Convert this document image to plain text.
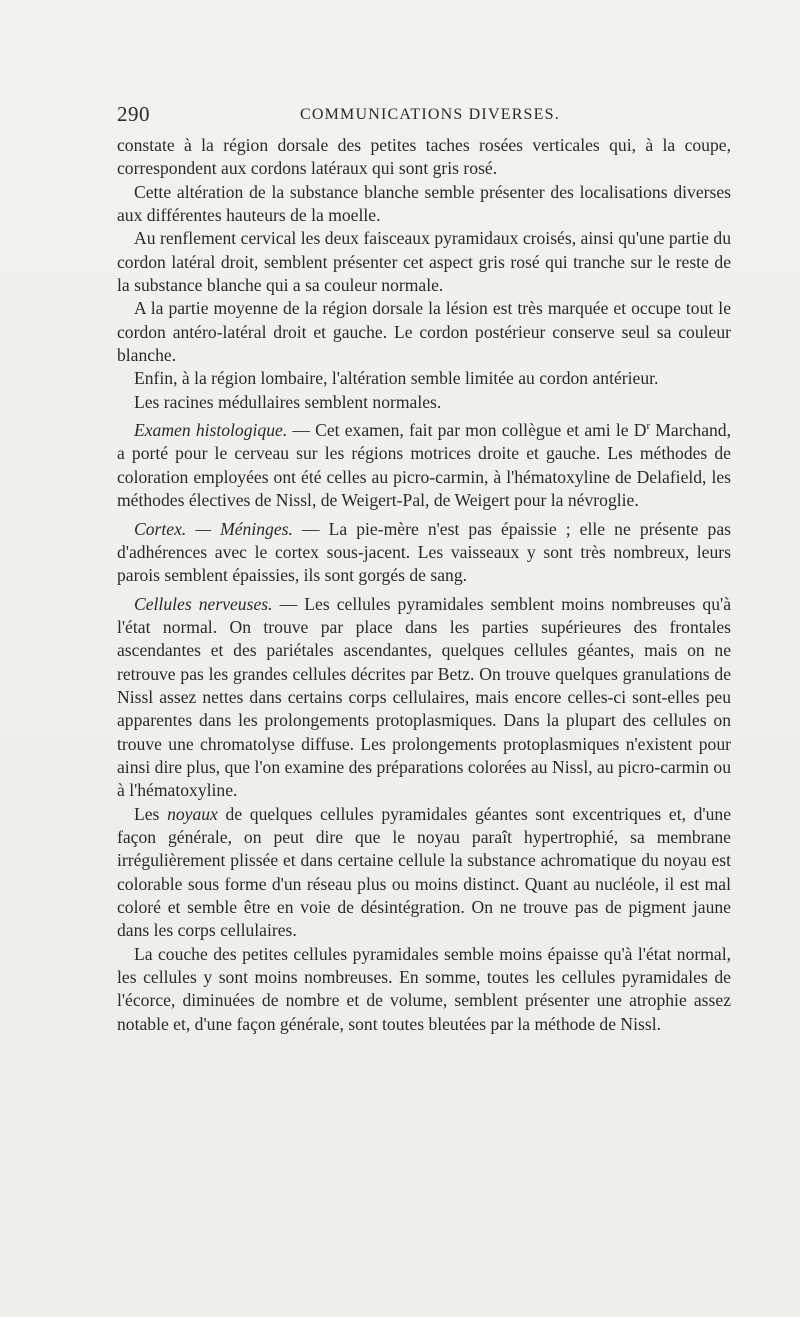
290	COMMUNICATIONS DIVERSES.

constate à la région dorsale des petites taches rosées verticales qui, à la coupe, correspondent aux cordons latéraux qui sont gris rosé.

Cette altération de la substance blanche semble présenter des localisations diverses aux différentes hauteurs de la moelle.

Au renflement cervical les deux faisceaux pyramidaux croisés, ainsi qu'une partie du cordon latéral droit, semblent présenter cet aspect gris rosé qui tranche sur le reste de la substance blanche qui a sa couleur normale.

A la partie moyenne de la région dorsale la lésion est très marquée et occupe tout le cordon antéro-latéral droit et gauche. Le cordon postérieur conserve seul sa couleur blanche.

Enfin, à la région lombaire, l'altération semble limitée au cordon antérieur.

Les racines médullaires semblent normales.

Examen histologique. — Cet examen, fait par mon collègue et ami le $D^r$ Marchand, a porté pour le cerveau sur les régions motrices droite et gauche. Les méthodes de coloration employées ont été celles au picro-carmin, à l'hématoxyline de Delafield, les méthodes électives de Nissl, de Weigert-Pal, de Weigert pour la névroglie.

Cortex. — Méninges. — La pie-mère n'est pas épaissie ; elle ne présente pas d'adhérences avec le cortex sous-jacent. Les vaisseaux y sont très nombreux, leurs parois semblent épaissies, ils sont gorgés de sang.

Cellules nerveuses. — Les cellules pyramidales semblent moins nombreuses qu'à l'état normal. On trouve par place dans les parties supérieures des frontales ascendantes et des pariétales ascendantes, quelques cellules géantes, mais on ne retrouve pas les grandes cellules décrites par Betz. On trouve quelques granulations de Nissl assez nettes dans certains corps cellulaires, mais encore celles-ci sont-elles peu apparentes dans les prolongements protoplasmiques. Dans la plupart des cellules on trouve une chromatolyse diffuse. Les prolongements protoplasmiques n'existent pour ainsi dire plus, que l'on examine des préparations colorées au Nissl, au picro-carmin ou à l'hématoxyline.

Les noyaux de quelques cellules pyramidales géantes sont excentriques et, d'une façon générale, on peut dire que le noyau paraît hypertrophié, sa membrane irrégulièrement plissée et dans certaine cellule la substance achromatique du noyau est colorable sous forme d'un réseau plus ou moins distinct. Quant au nucléole, il est mal coloré et semble être en voie de désintégration. On ne trouve pas de pigment jaune dans les corps cellulaires.

La couche des petites cellules pyramidales semble moins épaisse qu'à l'état normal, les cellules y sont moins nombreuses. En somme, toutes les cellules pyramidales de l'écorce, diminuées de nombre et de volume, semblent présenter une atrophie assez notable et, d'une façon générale, sont toutes bleutées par la méthode de Nissl.
